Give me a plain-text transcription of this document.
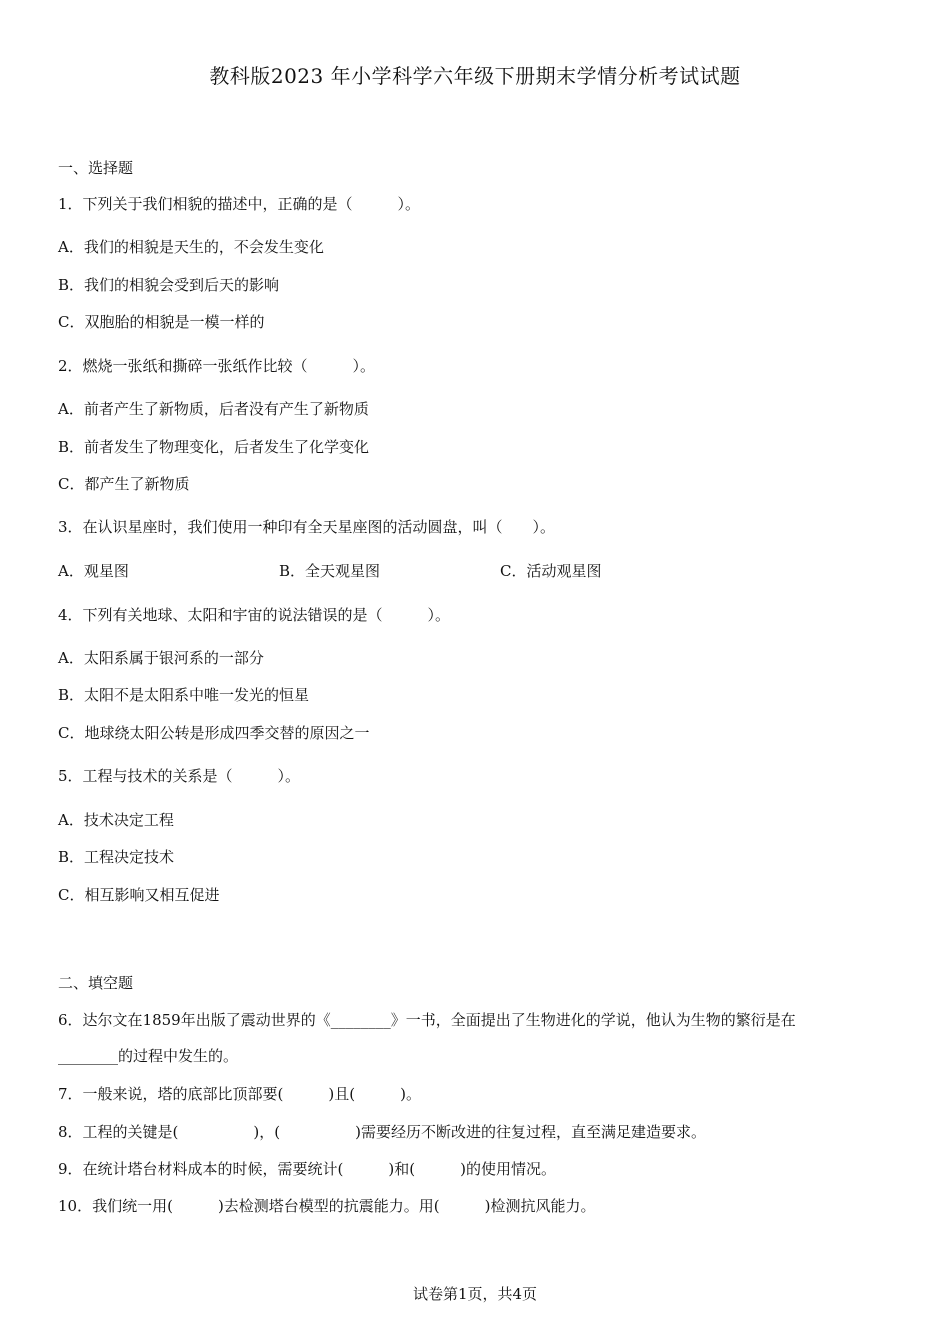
教科版2023 年小学科学六年级下册期末学情分析考试试题
一、选择题
1．下列关于我们相貌的描述中，正确的是（　　　）。
A．我们的相貌是天生的，不会发生变化
B．我们的相貌会受到后天的影响
C．双胞胎的相貌是一模一样的
2．燃烧一张纸和撕碎一张纸作比较（　　　）。
A．前者产生了新物质，后者没有产生了新物质
B．前者发生了物理变化，后者发生了化学变化
C．都产生了新物质
3．在认识星座时，我们使用一种印有全天星座图的活动圆盘，叫（　　）。
A．观星图	B．全天观星图	C．活动观星图
4．下列有关地球、太阳和宇宙的说法错误的是（　　　）。
A．太阳系属于银河系的一部分
B．太阳不是太阳系中唯一发光的恒星
C．地球绕太阳公转是形成四季交替的原因之一
5．工程与技术的关系是（　　　）。
A．技术决定工程
B．工程决定技术
C．相互影响又相互促进
二、填空题
6．达尔文在1859年出版了震动世界的《________》一书，全面提出了生物进化的学说，他认为生物的繁衍是在
________的过程中发生的。
7．一般来说，塔的底部比顶部要(　　　)且(　　　)。
8．工程的关键是(　　　　　)，(　　　　　)需要经历不断改进的往复过程，直至满足建造要求。
9．在统计塔台材料成本的时候，需要统计(　　　)和(　　　)的使用情况。
10．我们统一用(　　　)去检测塔台模型的抗震能力。用(　　　)检测抗风能力。
试卷第1页，共4页
